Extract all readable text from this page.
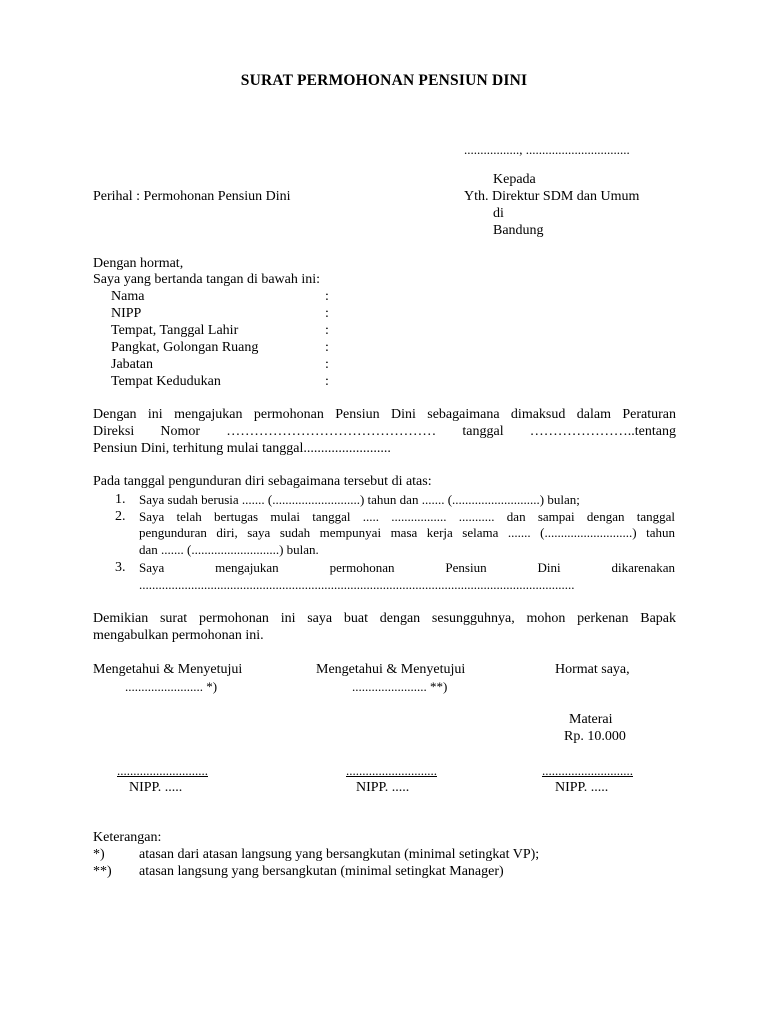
SURAT PERMOHONAN PENSIUN DINI
................., ................................
Kepada
Yth. Direktur SDM dan Umum
di
Bandung
Perihal : Permohonan Pensiun Dini
Dengan hormat,
Saya yang bertanda tangan di bawah ini:
Nama	:
NIPP	:
Tempat, Tanggal Lahir	:
Pangkat, Golongan Ruang	:
Jabatan	:
Tempat Kedudukan	:
Dengan ini mengajukan permohonan Pensiun Dini sebagaimana dimaksud dalam Peraturan
Direksi Nomor ……………………………………… tanggal …………………..tentang
Pensiun Dini, terhitung mulai tanggal.........................
Pada tanggal pengunduran diri sebagaimana tersebut di atas:
1. Saya sudah berusia ....... (...........................) tahun dan ....... (...........................) bulan;
2. Saya telah bertugas mulai tanggal ..... ................. ........... dan sampai dengan tanggal
pengunduran diri, saya sudah mempunyai masa kerja selama ....... (...........................) tahun
dan ....... (...........................) bulan.
3. Saya mengajukan permohonan Pensiun Dini dikarenakan
......................................................................................................................................
Demikian surat permohonan ini saya buat dengan sesungguhnya, mohon perkenan Bapak
mengabulkan permohonan ini.
Mengetahui & Menyetujui
........................ *)
Mengetahui & Menyetujui
....................... **)
Hormat saya,
Materai
Rp. 10.000
............................	............................	............................
NIPP. .....	NIPP. .....	NIPP. .....
Keterangan:
*) atasan dari atasan langsung yang bersangkutan (minimal setingkat VP);
**) atasan langsung yang bersangkutan (minimal setingkat Manager)
